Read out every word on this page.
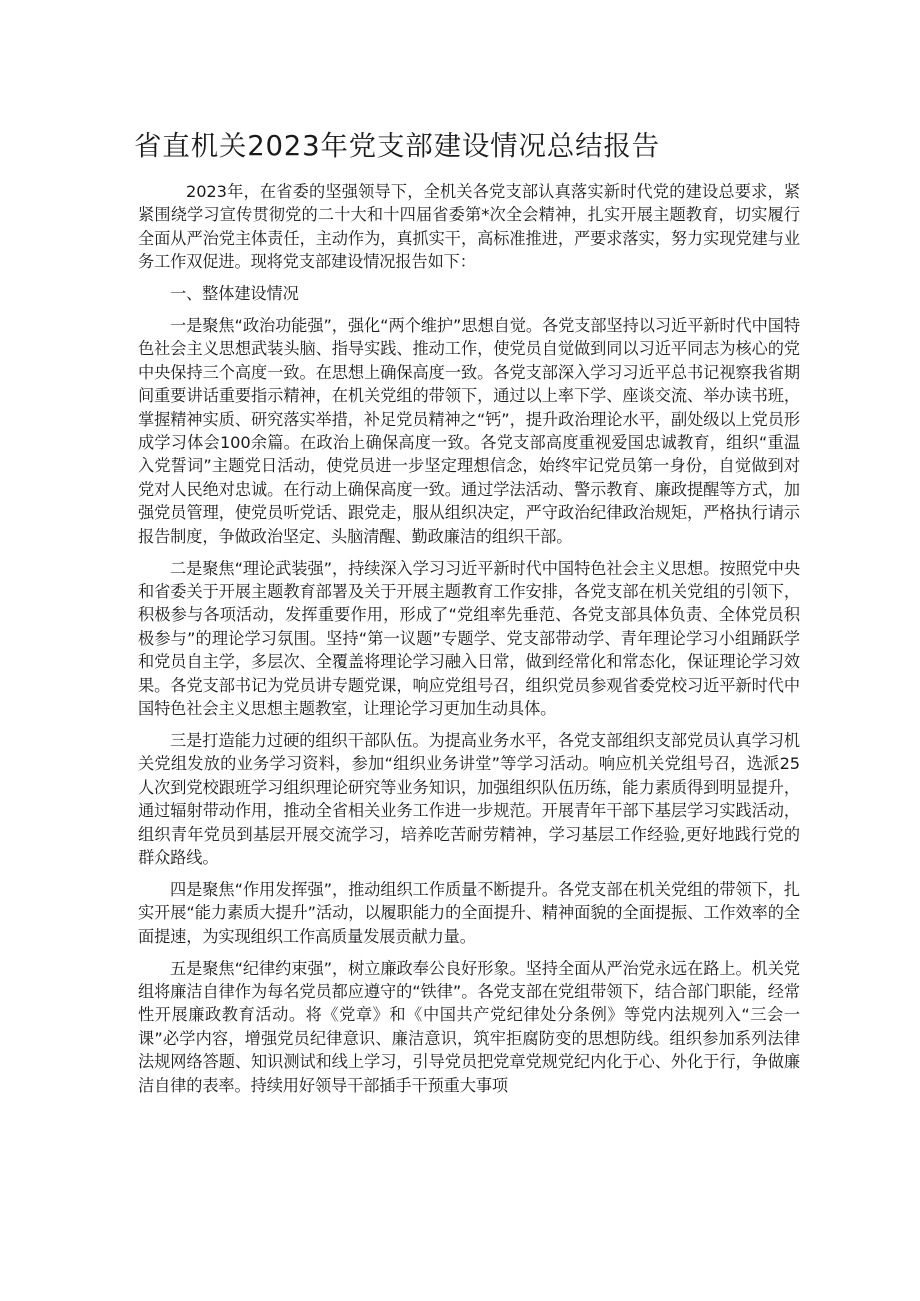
省直机关2023年党支部建设情况总结报告

2023年，在省委的坚强领导下，全机关各党支部认真落实新时代党的建设总要求，紧紧围绕学习宣传贯彻党的二十大和十四届省委第*次全会精神，扎实开展主题教育，切实履行全面从严治党主体责任，主动作为，真抓实干，高标准推进，严要求落实，努力实现党建与业务工作双促进。现将党支部建设情况报告如下：

一、整体建设情况

一是聚焦“政治功能强”，强化“两个维护”思想自觉。各党支部坚持以习近平新时代中国特色社会主义思想武装头脑、指导实践、推动工作，使党员自觉做到同以习近平同志为核心的党中央保持三个高度一致。在思想上确保高度一致。各党支部深入学习习近平总书记视察我省期间重要讲话重要指示精神，在机关党组的带领下，通过以上率下学、座谈交流、举办读书班，掌握精神实质、研究落实举措，补足党员精神之“钙”，提升政治理论水平，副处级以上党员形成学习体会100余篇。在政治上确保高度一致。各党支部高度重视爱国忠诚教育，组织“重温入党誓词”主题党日活动，使党员进一步坚定理想信念，始终牢记党员第一身份，自觉做到对党对人民绝对忠诚。在行动上确保高度一致。通过学法活动、警示教育、廉政提醒等方式，加强党员管理，使党员听党话、跟党走，服从组织决定，严守政治纪律政治规矩，严格执行请示报告制度，争做政治坚定、头脑清醒、勤政廉洁的组织干部。

二是聚焦“理论武装强”，持续深入学习习近平新时代中国特色社会主义思想。按照党中央和省委关于开展主题教育部署及关于开展主题教育工作安排，各党支部在机关党组的引领下，积极参与各项活动，发挥重要作用，形成了“党组率先垂范、各党支部具体负责、全体党员积极参与”的理论学习氛围。坚持“第一议题”专题学、党支部带动学、青年理论学习小组踊跃学和党员自主学，多层次、全覆盖将理论学习融入日常，做到经常化和常态化，保证理论学习效果。各党支部书记为党员讲专题党课，响应党组号召，组织党员参观省委党校习近平新时代中国特色社会主义思想主题教室，让理论学习更加生动具体。

三是打造能力过硬的组织干部队伍。为提高业务水平，各党支部组织支部党员认真学习机关党组发放的业务学习资料，参加“组织业务讲堂”等学习活动。响应机关党组号召，选派25人次到党校跟班学习组织理论研究等业务知识，加强组织队伍历练，能力素质得到明显提升，通过辐射带动作用，推动全省相关业务工作进一步规范。开展青年干部下基层学习实践活动，组织青年党员到基层开展交流学习，培养吃苦耐劳精神，学习基层工作经验,更好地践行党的群众路线。

四是聚焦“作用发挥强”，推动组织工作质量不断提升。各党支部在机关党组的带领下，扎实开展“能力素质大提升”活动，以履职能力的全面提升、精神面貌的全面提振、工作效率的全面提速，为实现组织工作高质量发展贡献力量。

五是聚焦“纪律约束强”，树立廉政奉公良好形象。坚持全面从严治党永远在路上。机关党组将廉洁自律作为每名党员都应遵守的“铁律”。各党支部在党组带领下，结合部门职能，经常性开展廉政教育活动。将《党章》和《中国共产党纪律处分条例》等党内法规列入“三会一课”必学内容，增强党员纪律意识、廉洁意识，筑牢拒腐防变的思想防线。组织参加系列法律法规网络答题、知识测试和线上学习，引导党员把党章党规党纪内化于心、外化于行，争做廉洁自律的表率。持续用好领导干部插手干预重大事项
